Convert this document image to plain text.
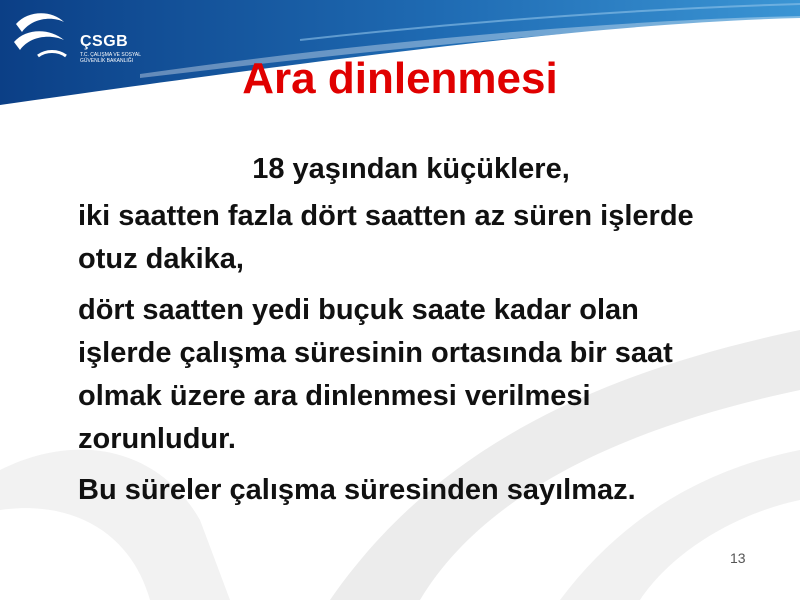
ÇSGB
T.C. ÇALIŞMA VE SOSYAL GÜVENLİK BAKANLIĞI	Ara dinlenmesi

18 yaşından küçüklere,

iki saatten fazla dört saatten az süren işlerde otuz dakika,

dört saatten yedi buçuk saate kadar olan işlerde çalışma süresinin ortasında bir saat olmak üzere ara dinlenmesi verilmesi zorunludur.

Bu süreler çalışma süresinden sayılmaz.

13
